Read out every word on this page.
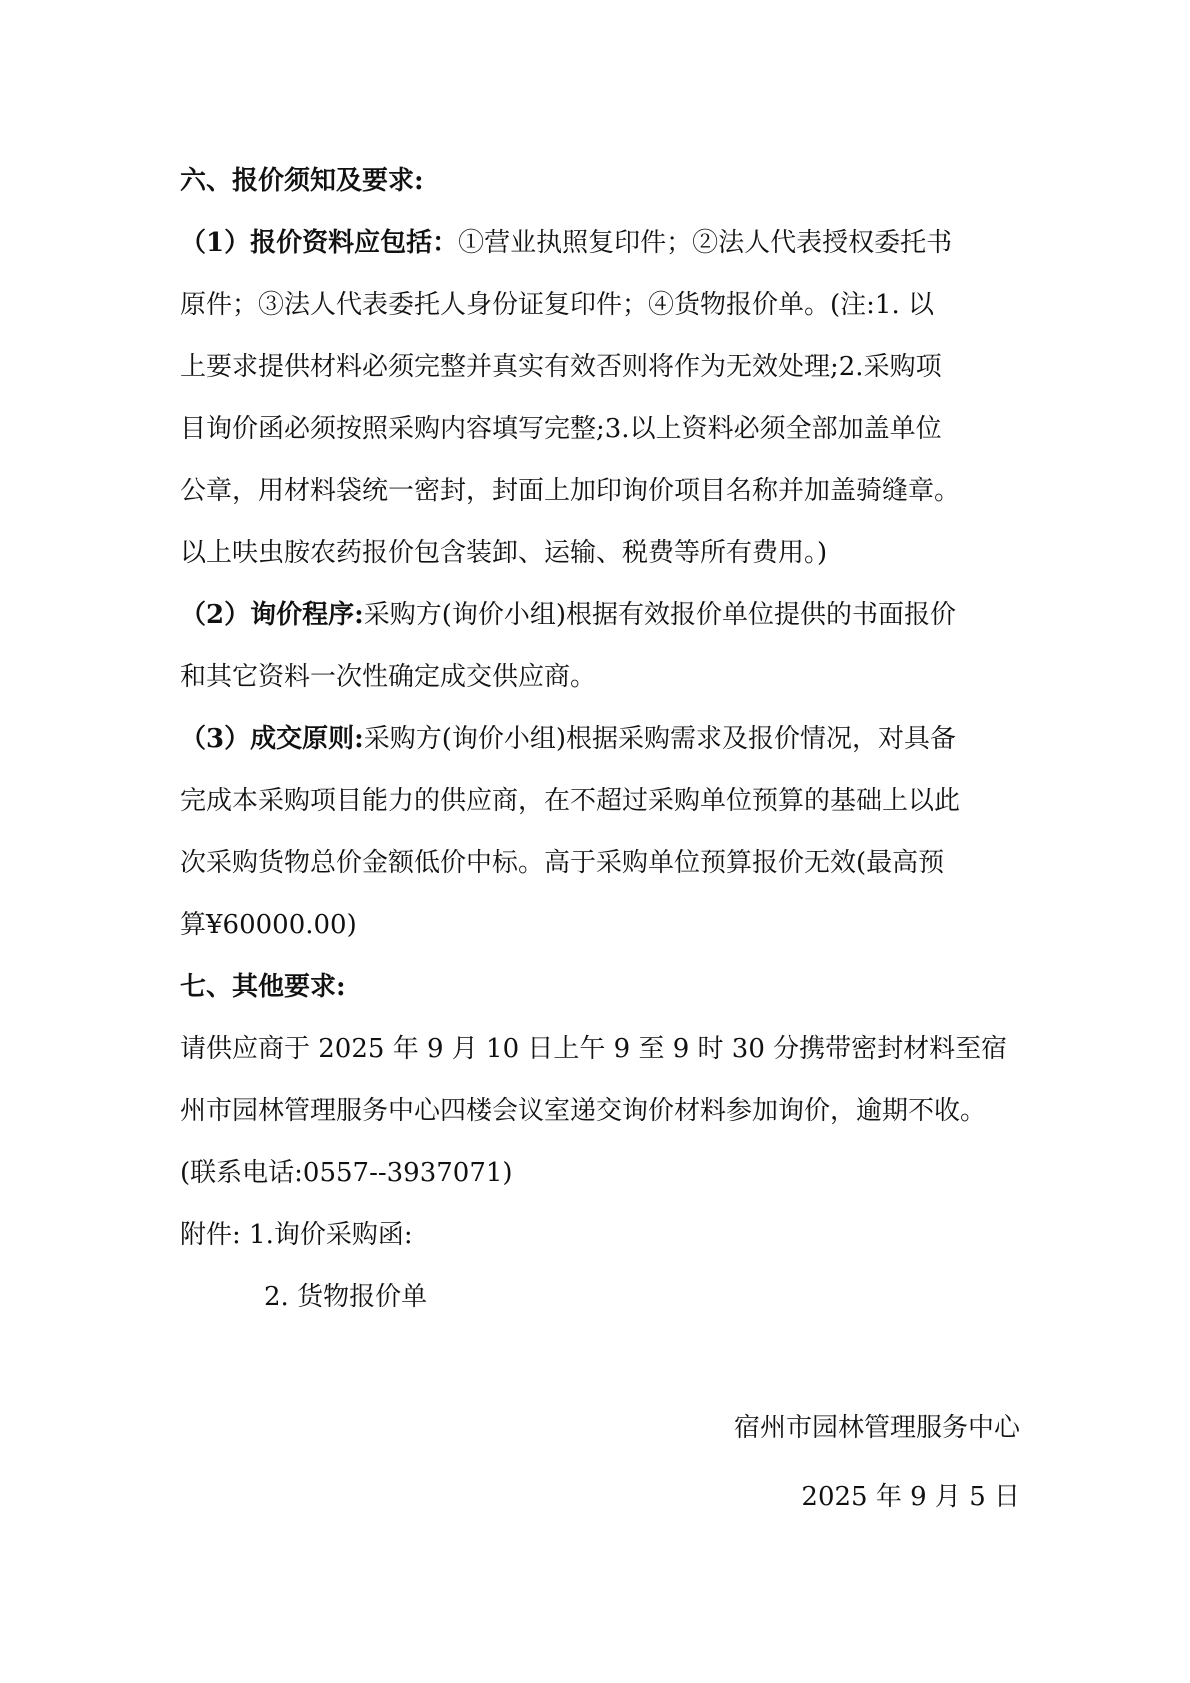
六、报价须知及要求:
（1）报价资料应包括：①营业执照复印件；②法人代表授权委托书
原件；③法人代表委托人身份证复印件；④货物报价单。(注:1. 以
上要求提供材料必须完整并真实有效否则将作为无效处理;2.采购项
目询价函必须按照采购内容填写完整;3.以上资料必须全部加盖单位
公章，用材料袋统一密封，封面上加印询价项目名称并加盖骑缝章。
以上呋虫胺农药报价包含装卸、运输、税费等所有费用。)
（2）询价程序:采购方(询价小组)根据有效报价单位提供的书面报价
和其它资料一次性确定成交供应商。
（3）成交原则:采购方(询价小组)根据采购需求及报价情况，对具备
完成本采购项目能力的供应商，在不超过采购单位预算的基础上以此
次采购货物总价金额低价中标。高于采购单位预算报价无效(最高预
算¥60000.00)
七、其他要求:
请供应商于 2025 年 9 月 10 日上午 9 至 9 时 30 分携带密封材料至宿
州市园林管理服务中心四楼会议室递交询价材料参加询价，逾期不收。
(联系电话:0557--3937071)
附件: 1.询价采购函:
2. 货物报价单
宿州市园林管理服务中心
2025 年 9 月 5 日
